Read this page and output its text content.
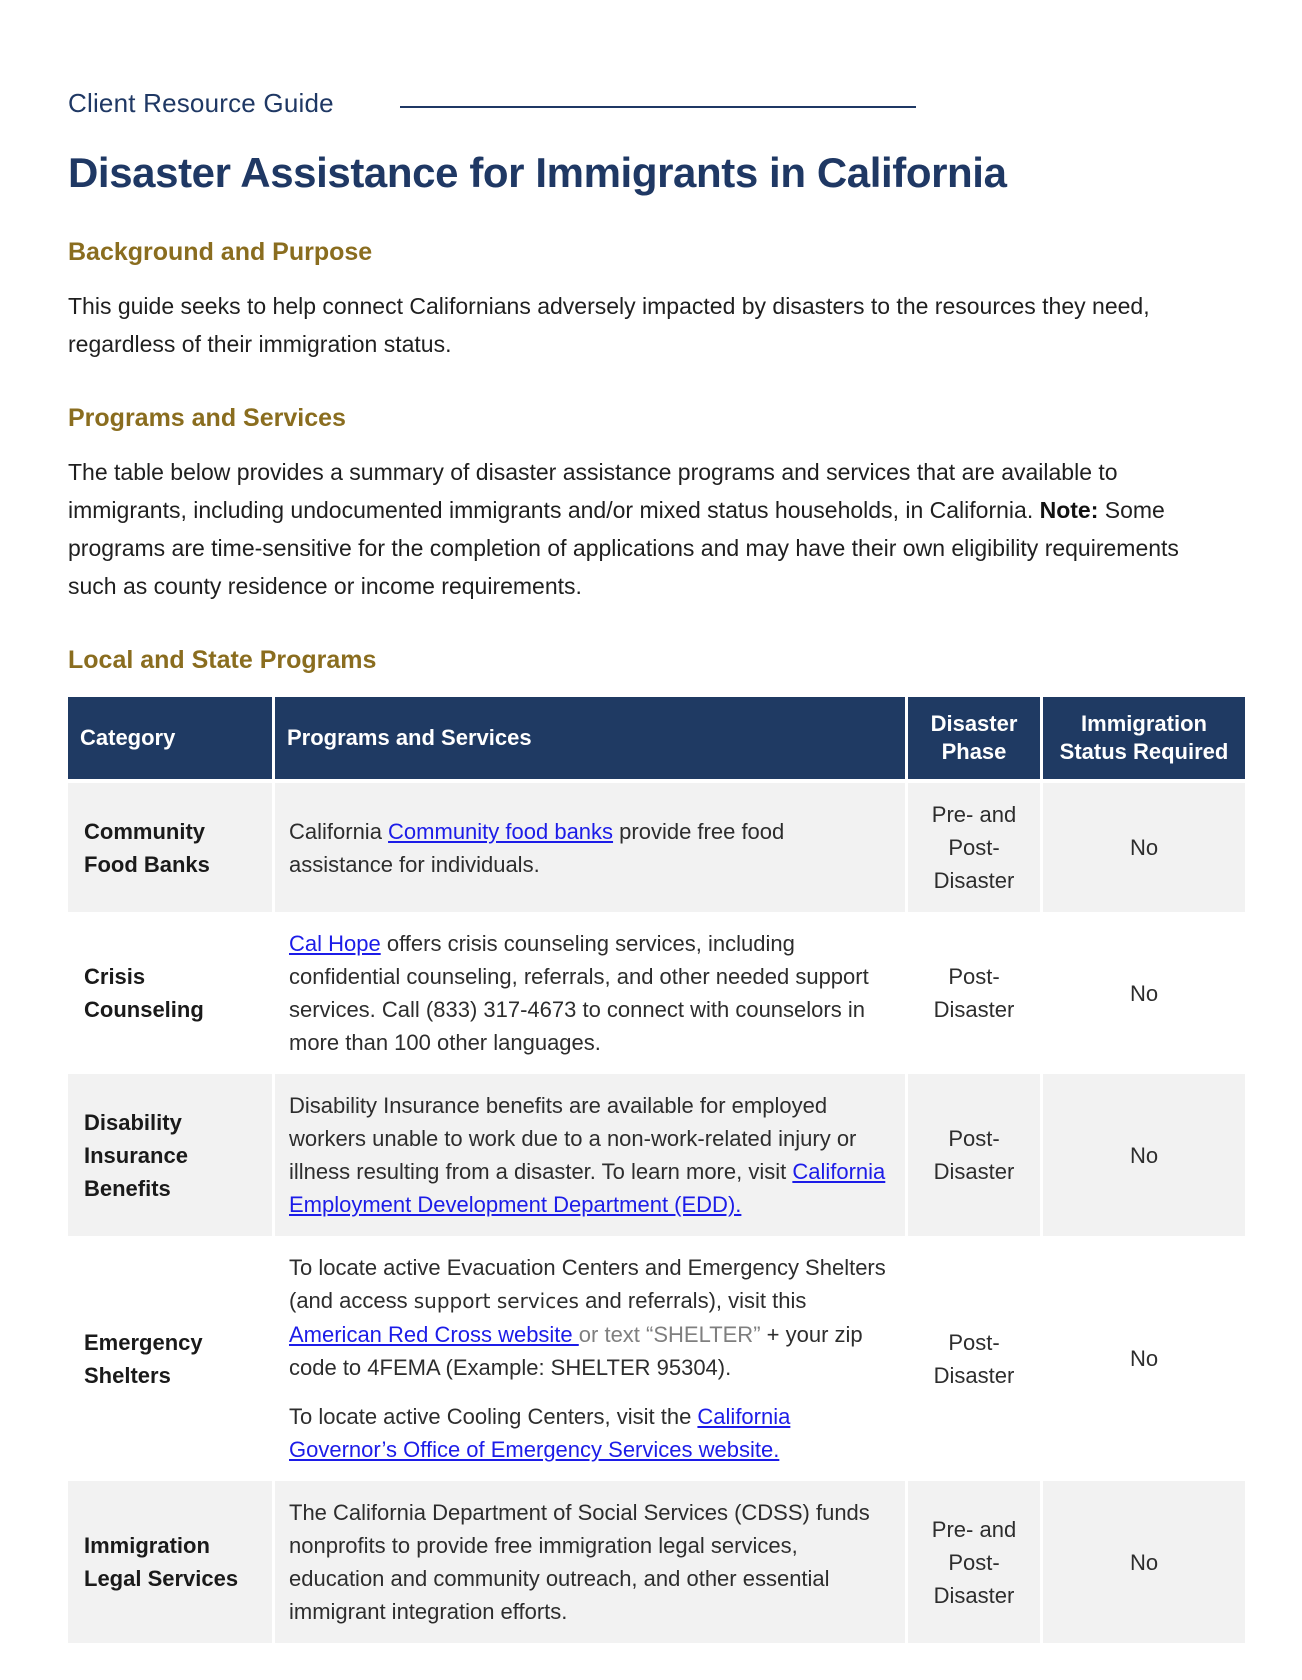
Client Resource Guide
Disaster Assistance for Immigrants in California
Background and Purpose

This guide seeks to help connect Californians adversely impacted by disasters to the resources they need, regardless of their immigration status.

Programs and Services

The table below provides a summary of disaster assistance programs and services that are available to immigrants, including undocumented immigrants and/or mixed status households, in California. Note: Some programs are time-sensitive for the completion of applications and may have their own eligibility requirements such as county residence or income requirements.

Local and State Programs
Category	Programs and Services	Disaster Phase	Immigration Status Required
Community Food Banks	California Community food banks provide free food assistance for individuals.	Pre- and Post-Disaster	No
Crisis Counseling	Cal Hope offers crisis counseling services, including confidential counseling, referrals, and other needed support services. Call (833) 317-4673 to connect with counselors in more than 100 other languages.	Post-Disaster	No
Disability Insurance Benefits	Disability Insurance benefits are available for employed workers unable to work due to a non-work-related injury or illness resulting from a disaster. To learn more, visit California Employment Development Department (EDD).	Post-Disaster	No
Emergency Shelters	To locate active Evacuation Centers and Emergency Shelters (and access support services and referrals), visit this American Red Cross website or text “SHELTER” + your zip code to 4FEMA (Example: SHELTER 95304).

To locate active Cooling Centers, visit the California Governor’s Office of Emergency Services website.	Post-Disaster	No
Immigration Legal Services	The California Department of Social Services (CDSS) funds nonprofits to provide free immigration legal services, education and community outreach, and other essential immigrant integration efforts.	Pre- and Post-Disaster	No
